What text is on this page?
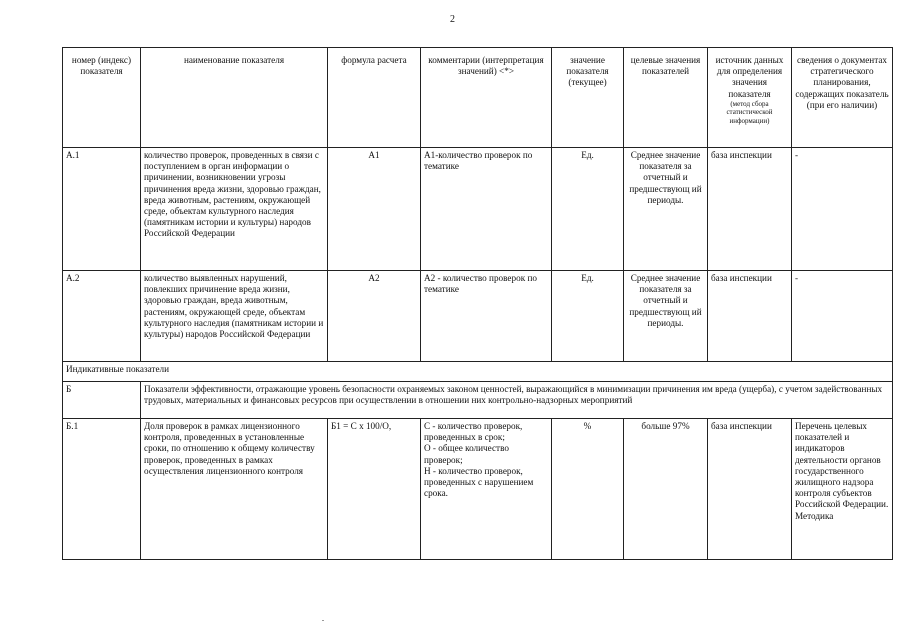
2
номер (индекс) показателя	наименование показателя	формула расчета	комментарии (интерпретация значений) <*>	значение показателя (текущее)	целевые значения показателей	источник данных для определения значения показателя
(метод сбора статистической информации)	сведения о документах стратегического планирования, содержащих показатель (при его наличии)
А.1	количество проверок, проведенных в связи с поступлением в орган информации о причинении, возникновении угрозы причинения вреда жизни, здоровью граждан, вреда животным, растениям, окружающей среде, объектам культурного наследия (памятникам истории и культуры) народов Российской Федерации	А1	А1-количество проверок по тематике	Ед.	Среднее значение показателя за отчетный и предшествующ ий периоды.	база инспекции	-
А.2	количество выявленных нарушений, повлекших причинение вреда жизни, здоровью граждан, вреда животным, растениям, окружающей среде, объектам культурного наследия (памятникам истории и культуры) народов Российской Федерации	А2	А2 - количество проверок по тематике	Ед.	Среднее значение показателя за отчетный и предшествующ ий периоды.	база инспекции	-
Индикативные показатели							
Б	Показатели эффективности, отражающие уровень безопасности охраняемых законом ценностей, выражающийся в минимизации причинения им вреда (ущерба), с учетом задействованных трудовых, материальных и финансовых ресурсов при осуществлении в отношении них контрольно-надзорных мероприятий						
Б.1	Доля проверок в рамках лицензионного контроля, проведенных в установленные сроки, по отношению к общему количеству проверок, проведенных в рамках осуществления лицензионного контроля	Б1 = С х 100/О,	С - количество проверок, проведенных в срок;
О - общее количество проверок;
Н - количество проверок, проведенных с нарушением срока.	%	больше 97%	база инспекции	Перечень целевых показателей и индикаторов деятельности органов государственного жилищного надзора контроля субъектов Российской Федерации. Методика
